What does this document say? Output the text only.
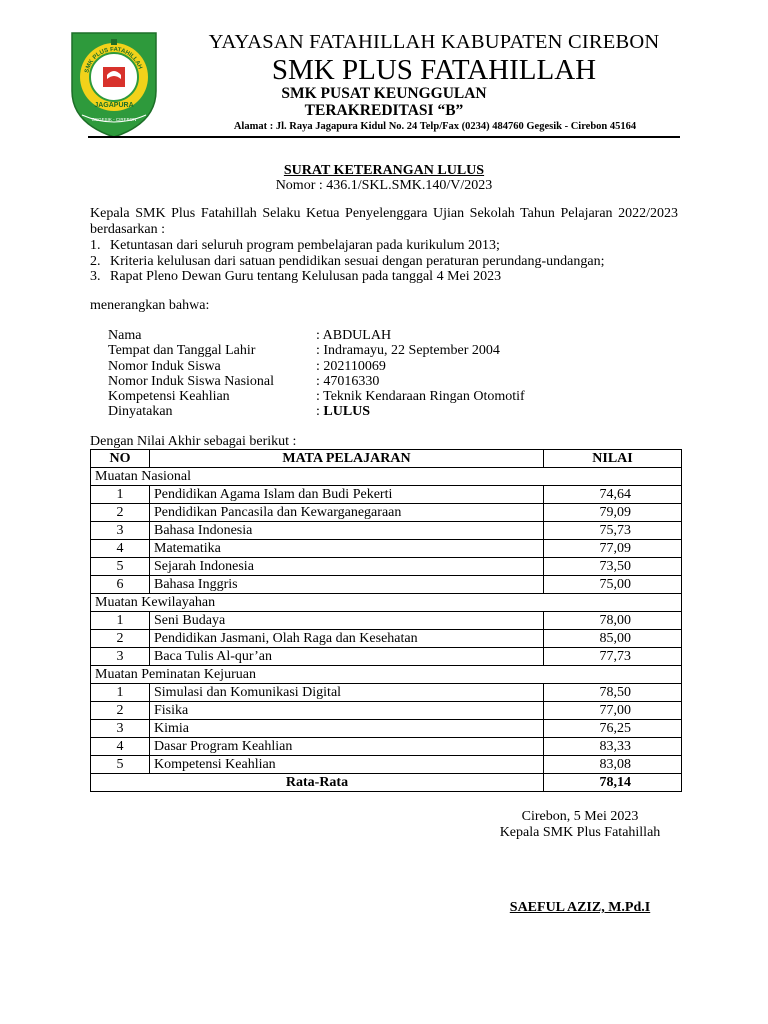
SMK PLUS FATAHILLAH
JAGAPURA
GEGESIK - CIREBON
YAYASAN FATAHILLAH KABUPATEN CIREBON
SMK PLUS FATAHILLAH
SMK PUSAT KEUNGGULAN
TERAKREDITASI “B”
Alamat : Jl. Raya Jagapura Kidul No. 24 Telp/Fax (0234) 484760 Gegesik - Cirebon 45164
SURAT KETERANGAN LULUS
Nomor : 436.1/SKL.SMK.140/V/2023
Kepala SMK Plus Fatahillah Selaku Ketua Penyelenggara Ujian Sekolah Tahun Pelajaran 2022/2023 berdasarkan :
1. Ketuntasan dari seluruh program pembelajaran pada kurikulum 2013;
2. Kriteria kelulusan dari satuan pendidikan sesuai dengan peraturan perundang-undangan;
3. Rapat Pleno Dewan Guru tentang Kelulusan pada tanggal 4 Mei 2023
menerangkan bahwa:
Nama	: ABDULAH
Tempat dan Tanggal Lahir	: Indramayu, 22 September 2004
Nomor Induk Siswa	: 202110069
Nomor Induk Siswa Nasional	: 47016330
Kompetensi Keahlian	: Teknik Kendaraan Ringan Otomotif
Dinyatakan	: LULUS
Dengan Nilai Akhir sebagai berikut :
NO	MATA PELAJARAN	NILAI
Muatan Nasional		
1	Pendidikan Agama Islam dan Budi Pekerti	74,64
2	Pendidikan Pancasila dan Kewarganegaraan	79,09
3	Bahasa Indonesia	75,73
4	Matematika	77,09
5	Sejarah Indonesia	73,50
6	Bahasa Inggris	75,00
Muatan Kewilayahan		
1	Seni Budaya	78,00
2	Pendidikan Jasmani, Olah Raga dan Kesehatan	85,00
3	Baca Tulis Al-qur’an	77,73
Muatan Peminatan Kejuruan		
1	Simulasi dan Komunikasi Digital	78,50
2	Fisika	77,00
3	Kimia	76,25
4	Dasar Program Keahlian	83,33
5	Kompetensi Keahlian	83,08
Rata-Rata		78,14
Cirebon, 5 Mei 2023
Kepala SMK Plus Fatahillah
SAEFUL AZIZ, M.Pd.I
